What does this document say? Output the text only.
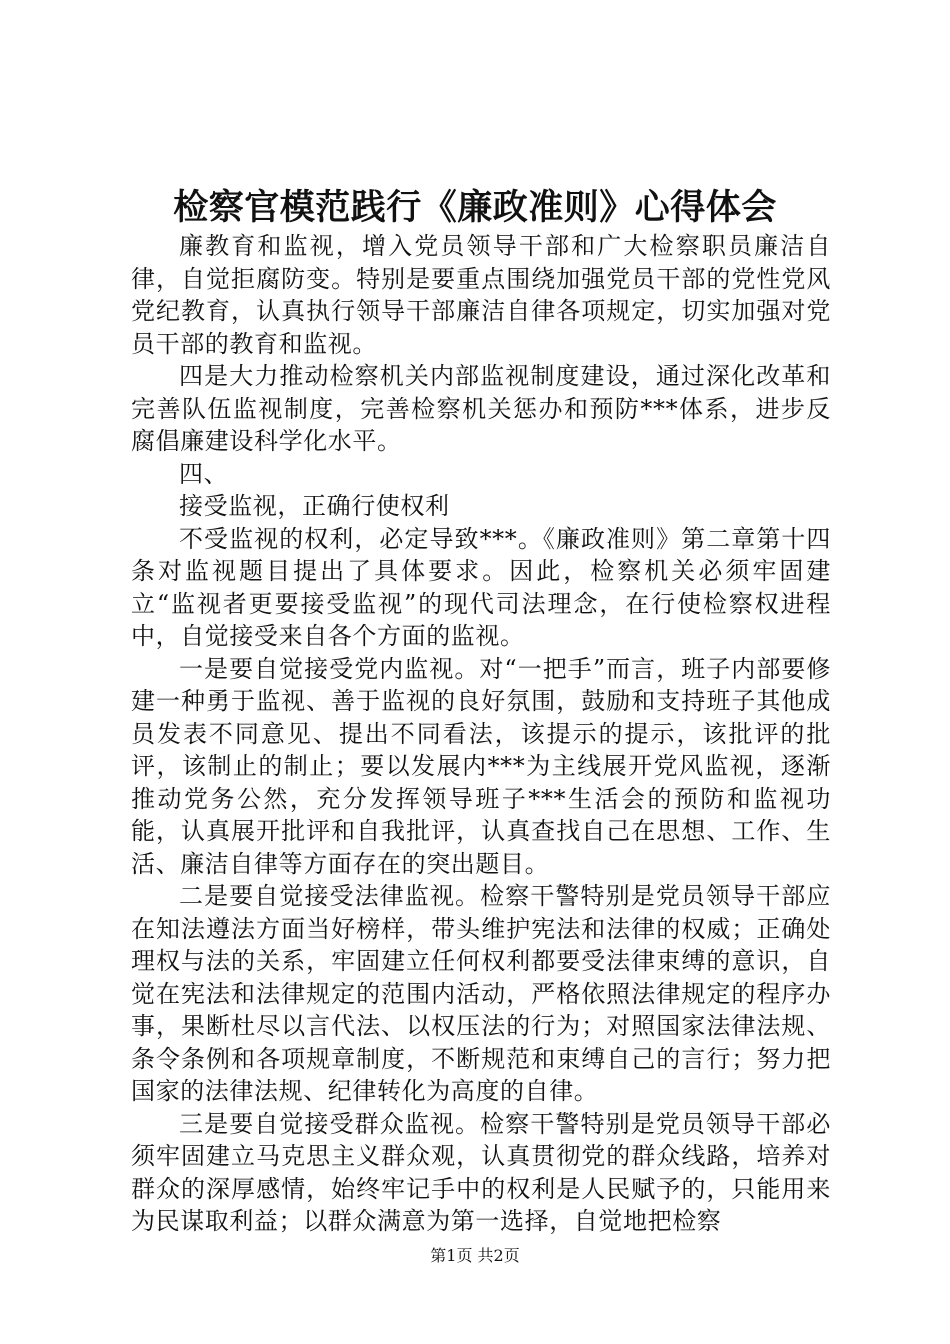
检察官模范践行《廉政准则》心得体会

廉教育和监视，增入党员领导干部和广大检察职员廉洁自律，自觉拒腐防变。特别是要重点围绕加强党员干部的党性党风党纪教育，认真执行领导干部廉洁自律各项规定，切实加强对党员干部的教育和监视。

四是大力推动检察机关内部监视制度建设，通过深化改革和完善队伍监视制度，完善检察机关惩办和预防***体系，进步反腐倡廉建设科学化水平。

四、

接受监视，正确行使权利

不受监视的权利，必定导致***。《廉政准则》第二章第十四条对监视题目提出了具体要求。因此，检察机关必须牢固建立“监视者更要接受监视”的现代司法理念，在行使检察权进程中，自觉接受来自各个方面的监视。

一是要自觉接受党内监视。对“一把手”而言，班子内部要修建一种勇于监视、善于监视的良好氛围，鼓励和支持班子其他成员发表不同意见、提出不同看法，该提示的提示，该批评的批评，该制止的制止；要以发展内***为主线展开党风监视，逐渐推动党务公然，充分发挥领导班子***生活会的预防和监视功能，认真展开批评和自我批评，认真查找自己在思想、工作、生活、廉洁自律等方面存在的突出题目。

二是要自觉接受法律监视。检察干警特别是党员领导干部应在知法遵法方面当好榜样，带头维护宪法和法律的权威；正确处理权与法的关系，牢固建立任何权利都要受法律束缚的意识，自觉在宪法和法律规定的范围内活动，严格依照法律规定的程序办事，果断杜尽以言代法、以权压法的行为；对照国家法律法规、条令条例和各项规章制度，不断规范和束缚自己的言行；努力把国家的法律法规、纪律转化为高度的自律。

三是要自觉接受群众监视。检察干警特别是党员领导干部必须牢固建立马克思主义群众观，认真贯彻党的群众线路，培养对群众的深厚感情，始终牢记手中的权利是人民赋予的，只能用来为民谋取利益；以群众满意为第一选择，自觉地把检察

第1页 共2页
